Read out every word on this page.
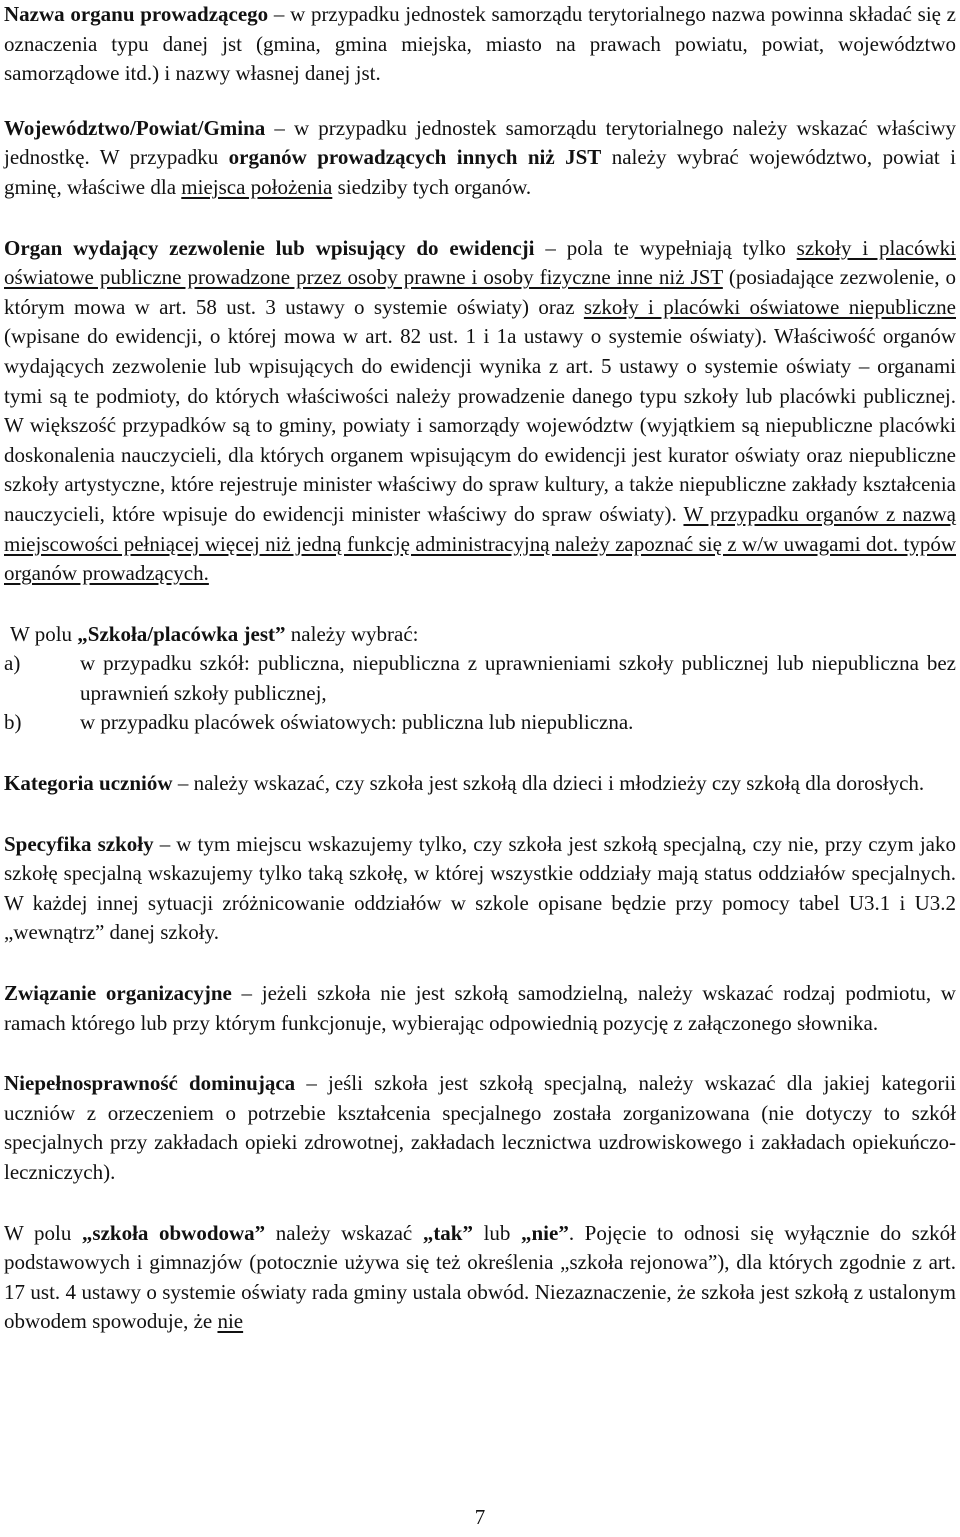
Nazwa organu prowadzącego – w przypadku jednostek samorządu terytorialnego nazwa powinna składać się z oznaczenia typu danej jst (gmina, gmina miejska, miasto na prawach powiatu, powiat, województwo samorządowe itd.) i nazwy własnej danej jst.

Województwo/Powiat/Gmina – w przypadku jednostek samorządu terytorialnego należy wskazać właściwy jednostkę. W przypadku organów prowadzących innych niż JST należy wybrać województwo, powiat i gminę, właściwe dla miejsca położenia siedziby tych organów.

Organ wydający zezwolenie lub wpisujący do ewidencji – pola te wypełniają tylko szkoły i placówki oświatowe publiczne prowadzone przez osoby prawne i osoby fizyczne inne niż JST (posiadające zezwolenie, o którym mowa w art. 58 ust. 3 ustawy o systemie oświaty) oraz szkoły i placówki oświatowe niepubliczne (wpisane do ewidencji, o której mowa w art. 82 ust. 1 i 1a ustawy o systemie oświaty). Właściwość organów wydających zezwolenie lub wpisujących do ewidencji wynika z art. 5 ustawy o systemie oświaty – organami tymi są te podmioty, do których właściwości należy prowadzenie danego typu szkoły lub placówki publicznej. W większość przypadków są to gminy, powiaty i samorządy województw (wyjątkiem są niepubliczne placówki doskonalenia nauczycieli, dla których organem wpisującym do ewidencji jest kurator oświaty oraz niepubliczne szkoły artystyczne, które rejestruje minister właściwy do spraw kultury, a także niepubliczne zakłady kształcenia nauczycieli, które wpisuje do ewidencji minister właściwy do spraw oświaty). W przypadku organów z nazwą miejscowości pełniącej więcej niż jedną funkcję administracyjną należy zapoznać się z w/w uwagami dot. typów organów prowadzących.

W polu „Szkoła/placówka jest” należy wybrać:

a)	w przypadku szkół: publiczna, niepubliczna z uprawnieniami szkoły publicznej lub niepubliczna bez uprawnień szkoły publicznej,
b)	w przypadku placówek oświatowych: publiczna lub niepubliczna.

Kategoria uczniów – należy wskazać, czy szkoła jest szkołą dla dzieci i młodzieży czy szkołą dla dorosłych.

Specyfika szkoły – w tym miejscu wskazujemy tylko, czy szkoła jest szkołą specjalną, czy nie, przy czym jako szkołę specjalną wskazujemy tylko taką szkołę, w której wszystkie oddziały mają status oddziałów specjalnych. W każdej innej sytuacji zróżnicowanie oddziałów w szkole opisane będzie przy pomocy tabel U3.1 i U3.2 „wewnątrz” danej szkoły.

Związanie organizacyjne – jeżeli szkoła nie jest szkołą samodzielną, należy wskazać rodzaj podmiotu, w ramach którego lub przy którym funkcjonuje, wybierając odpowiednią pozycję z załączonego słownika.

Niepełnosprawność dominująca – jeśli szkoła jest szkołą specjalną, należy wskazać dla jakiej kategorii uczniów z orzeczeniem o potrzebie kształcenia specjalnego została zorganizowana (nie dotyczy to szkół specjalnych przy zakładach opieki zdrowotnej, zakładach lecznictwa uzdrowiskowego i zakładach opiekuńczo-leczniczych).

W polu „szkoła obwodowa” należy wskazać „tak” lub „nie”. Pojęcie to odnosi się wyłącznie do szkół podstawowych i gimnazjów (potocznie używa się też określenia „szkoła rejonowa”), dla których zgodnie z art. 17 ust. 4 ustawy o systemie oświaty rada gminy ustala obwód. Niezaznaczenie, że szkoła jest szkołą z ustalonym obwodem spowoduje, że nie

7
